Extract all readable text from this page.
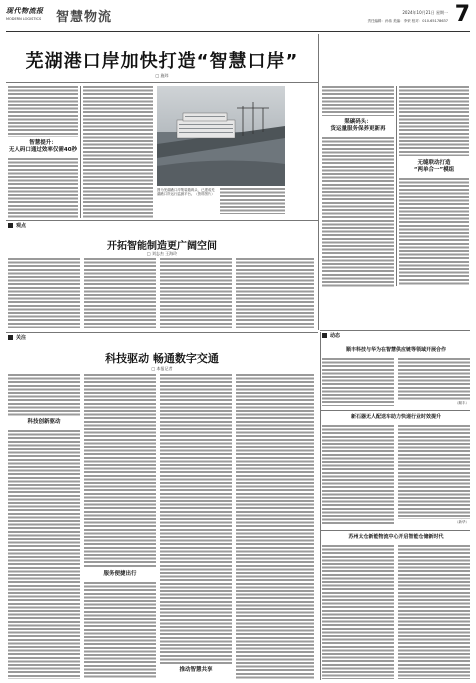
现代物流报
MODERN LOGISTICS 智慧物流	2024年10月21日 星期一
责任编辑：孙伟 美编：李荣 校对：010-65178637 7
芜湖港口岸加快打造“智慧口岸”
□ 施玮
智慧提升：
无人码口通过效率仅需40秒
图为芜湖港口岸集装箱码头，已建成芜湖港口岸运行监测平台。（资料图片）
渠碳码头：
货运量服务保养更新再
无缝联动打造
“两单合一”模组
观点
开拓智能制造更广阔空间
□ 刘志杰 王海玲
动态
顺丰科技与华为在智慧供应链等领域开展合作
（顺丰）
新石器无人配送车助力快递行业时效提升
（新华）
苏州太仓新能物流中心开启智能仓储新时代
关注
科技驱动 畅通数字交通
□ 本报记者
科技创新驱动
服务便捷出行
推动智慧共享
